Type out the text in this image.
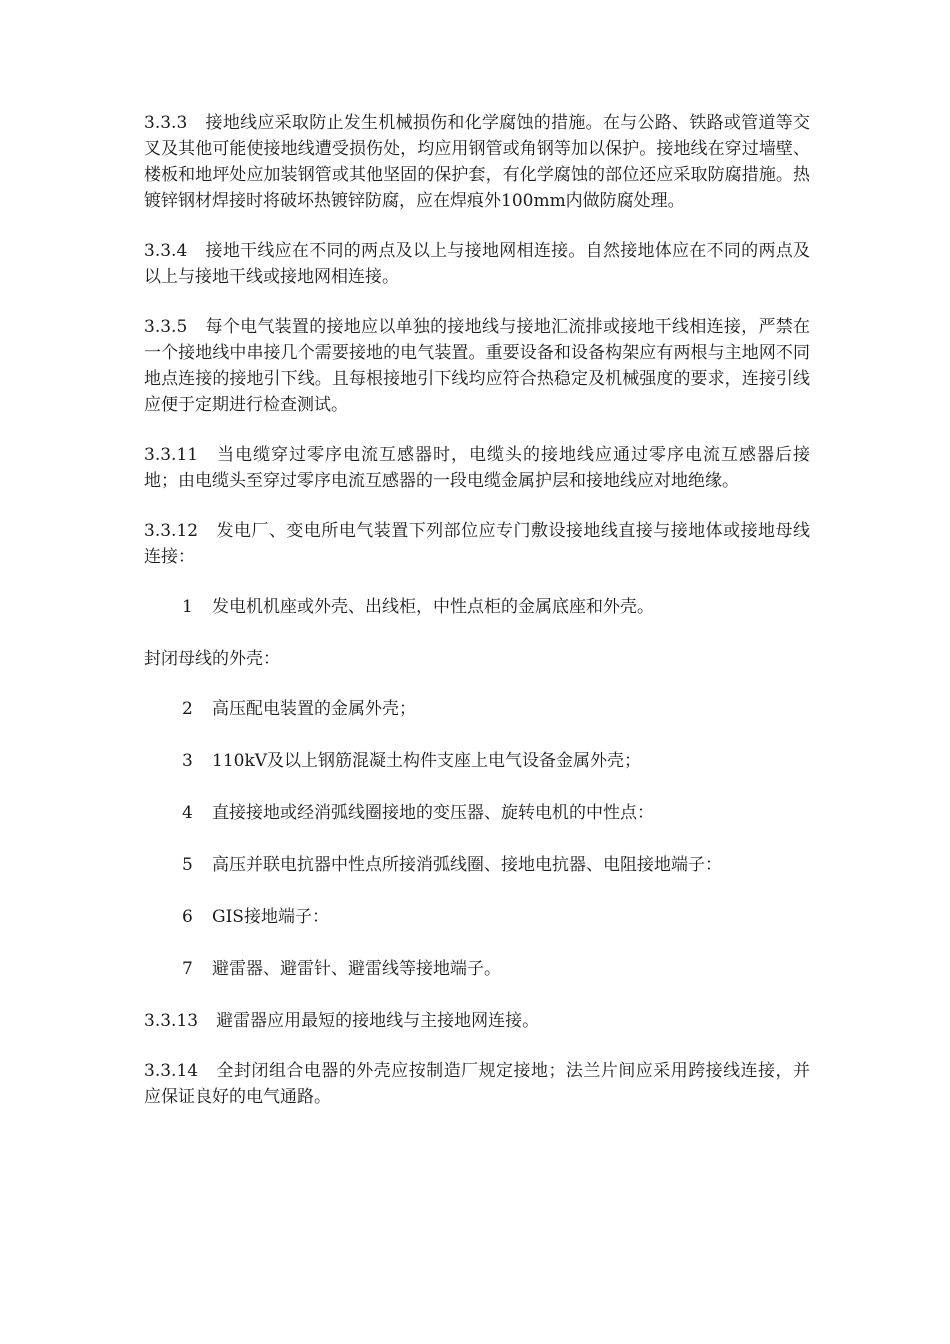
3.3.3 接地线应采取防止发生机械损伤和化学腐蚀的措施。在与公路、铁路或管道等交叉及其他可能使接地线遭受损伤处，均应用钢管或角钢等加以保护。接地线在穿过墙壁、楼板和地坪处应加装钢管或其他坚固的保护套，有化学腐蚀的部位还应采取防腐措施。热镀锌钢材焊接时将破坏热镀锌防腐，应在焊痕外100mm内做防腐处理。

3.3.4 接地干线应在不同的两点及以上与接地网相连接。自然接地体应在不同的两点及以上与接地干线或接地网相连接。

3.3.5 每个电气装置的接地应以单独的接地线与接地汇流排或接地干线相连接，严禁在一个接地线中串接几个需要接地的电气装置。重要设备和设备构架应有两根与主地网不同地点连接的接地引下线。且每根接地引下线均应符合热稳定及机械强度的要求，连接引线应便于定期进行检查测试。

3.3.11 当电缆穿过零序电流互感器时，电缆头的接地线应通过零序电流互感器后接地；由电缆头至穿过零序电流互感器的一段电缆金属护层和接地线应对地绝缘。

3.3.12 发电厂、变电所电气装置下列部位应专门敷设接地线直接与接地体或接地母线连接：

1 发电机机座或外壳、出线柜，中性点柜的金属底座和外壳。

封闭母线的外壳：

2 高压配电装置的金属外壳；
3 110kV及以上钢筋混凝土构件支座上电气设备金属外壳；
4 直接接地或经消弧线圈接地的变压器、旋转电机的中性点：
5 高压并联电抗器中性点所接消弧线圈、接地电抗器、电阻接地端子：
6 GIS接地端子：
7 避雷器、避雷针、避雷线等接地端子。

3.3.13 避雷器应用最短的接地线与主接地网连接。

3.3.14 全封闭组合电器的外壳应按制造厂规定接地；法兰片间应采用跨接线连接，并应保证良好的电气通路。
